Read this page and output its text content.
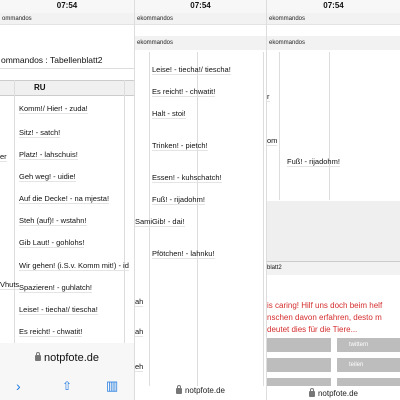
07:54
ommandos
ommandos : Tabellenblatt2
RU
er
Vhuts
Komm!/ Hier! - zuda!
Sitz! - satch!
Platz! - lahschuis!
Geh weg! - uidie!
Auf die Decke! - na mjesta!
Steh (auf)! - wstahn!
Gib Laut! - gohlohs!
Wir gehen! (i.S.v. Komm mit!) - id
Spazieren! - guhlatch!
Leise! - tiecha!/ tiescha!
Es reicht! - chwatit!
notpfote.de
›	⇧	▥
07:54
ekommandos
ekommandos
Leise! - tiecha!/ tiescha!
Es reicht! - chwatit!
Halt - stoi!
Trinken! - pietch!
Essen! - kuhschatch!
Fuß! - rijadohm!
Gib! - dai!
Pfötchen! - lahnku!
Sami
ah
ah
eh
notpfote.de
07:54
ekommandos
ekommandos
r
om
Fuß! - rijadohm!
blatt2
is caring! Hilf uns doch beim helf
nschen davon erfahren, desto m
deutet dies für die Tiere...
twittern
teilen
notpfote.de
